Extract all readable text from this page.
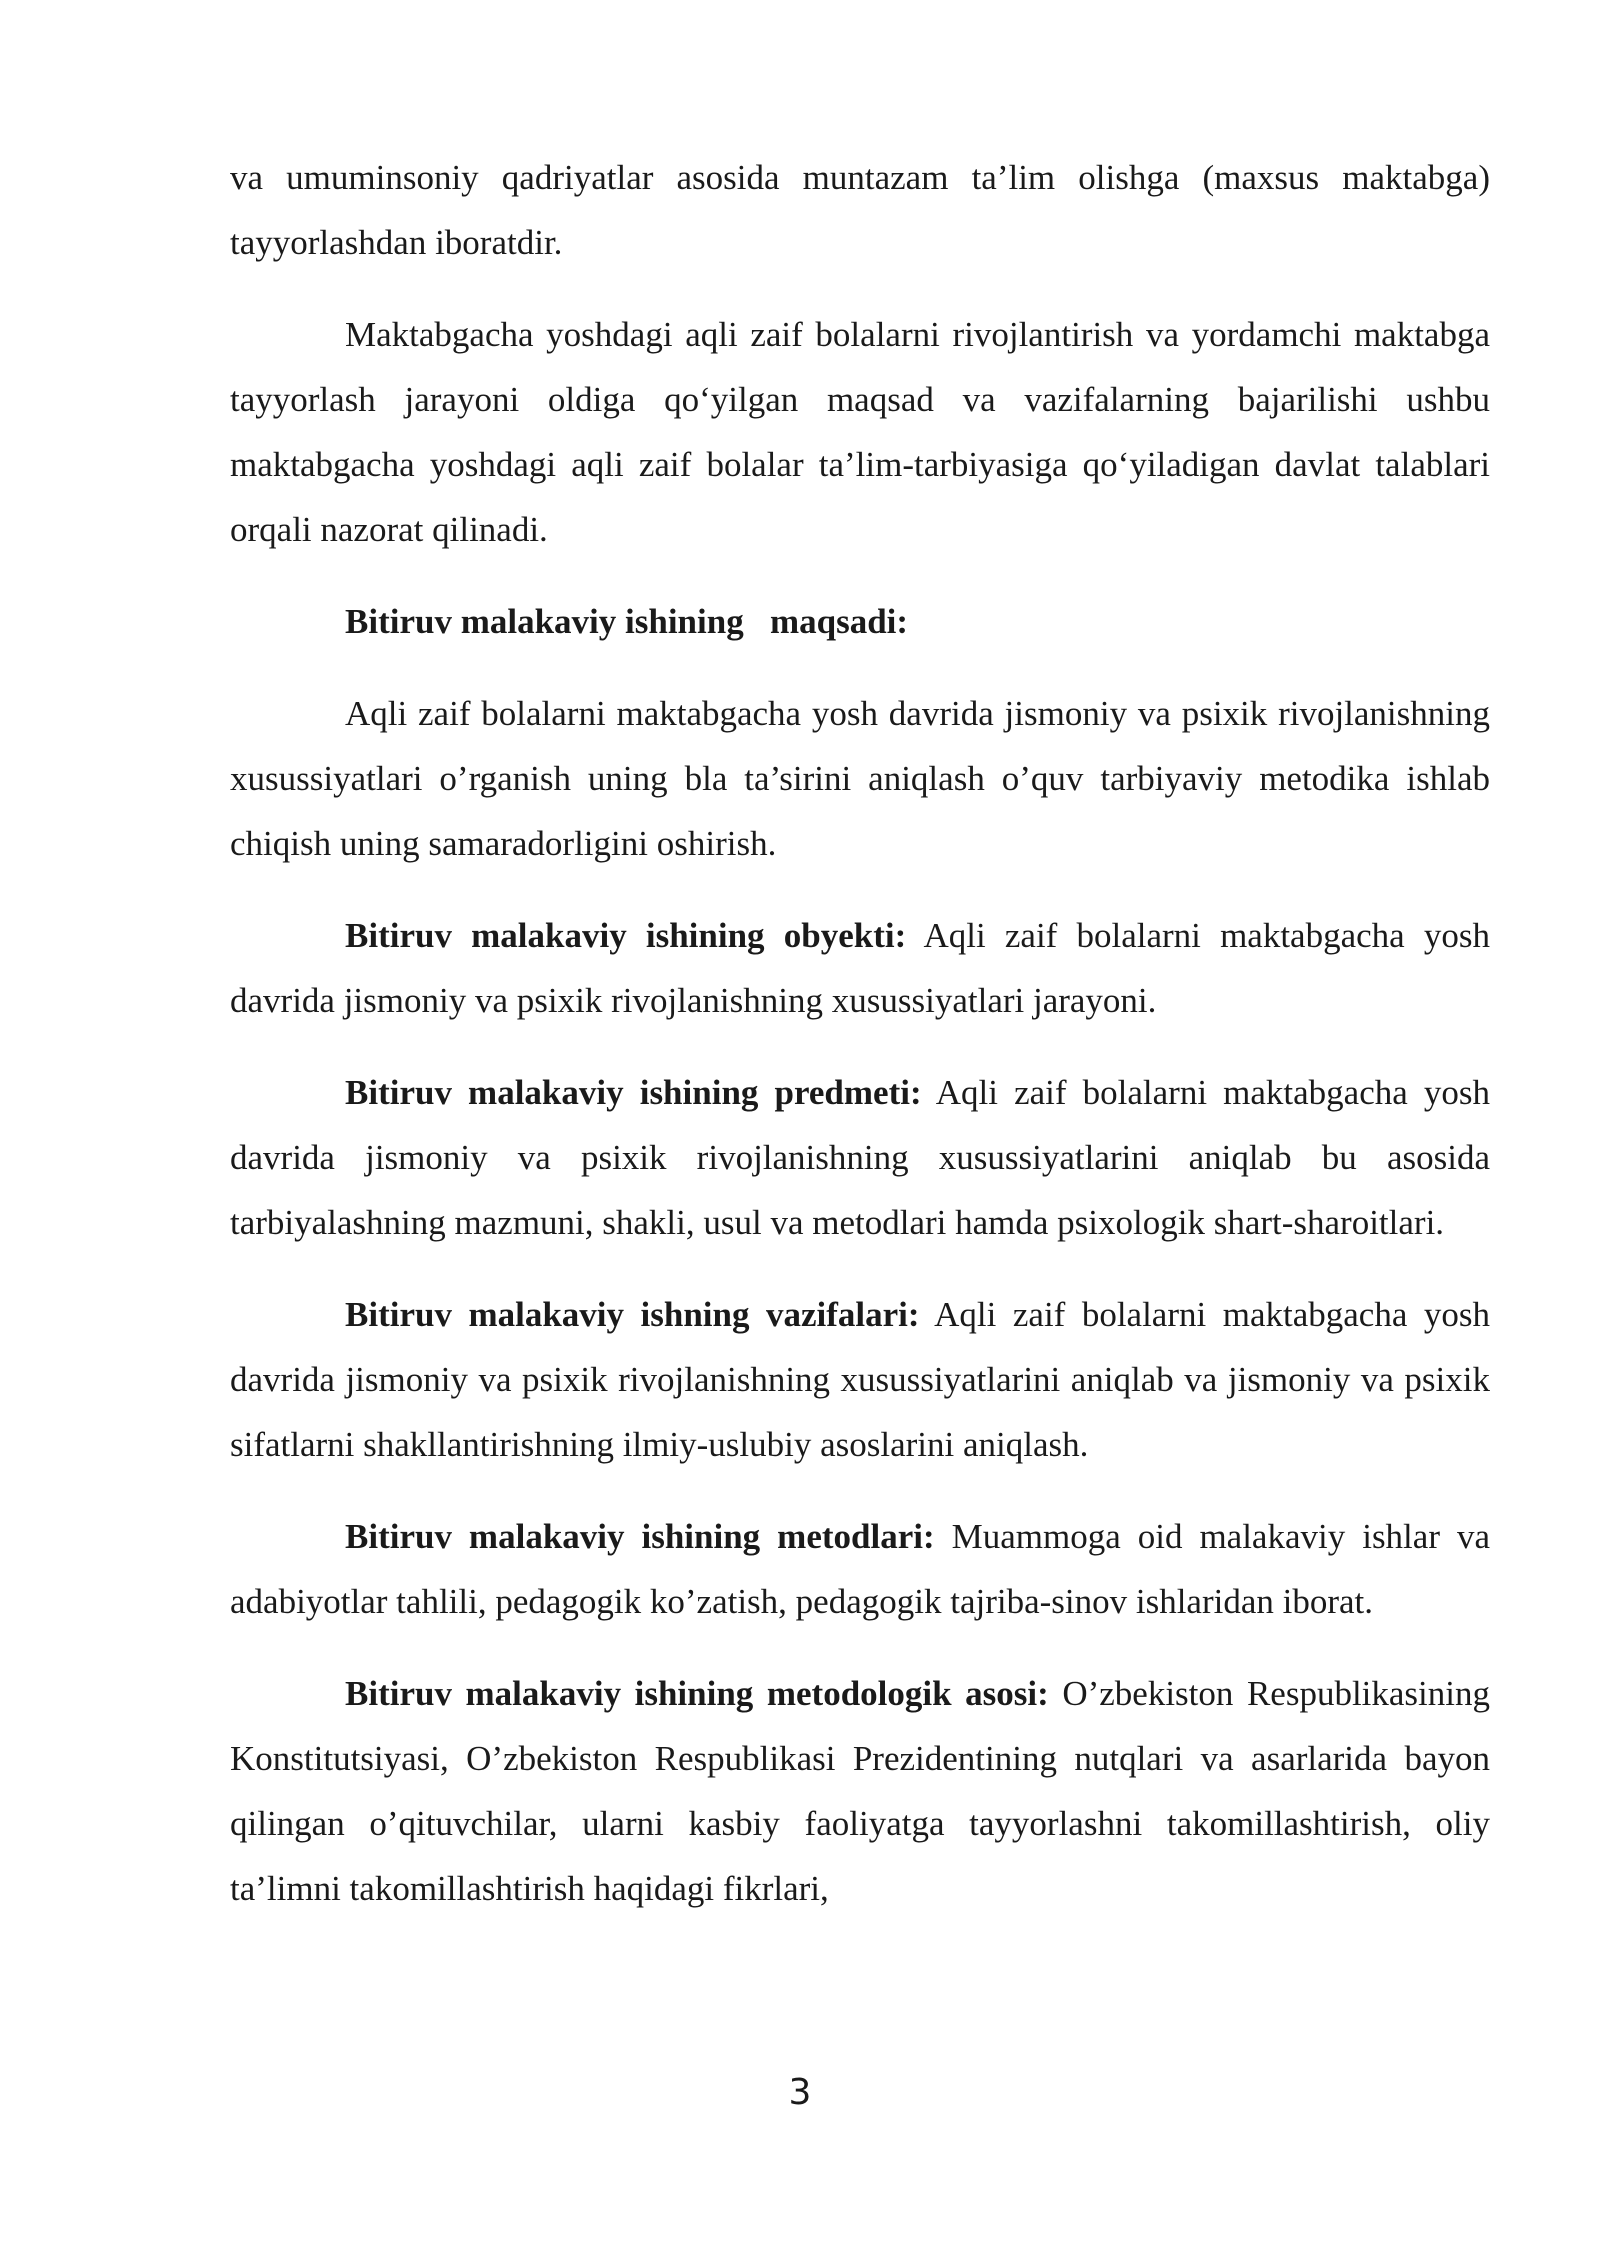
va umuminsoniy qadriyatlar asosida muntazam ta’lim olishga (maxsus maktabga) tayyorlashdan iboratdir.

Maktabgacha yoshdagi aqli zaif bolalarni rivojlantirish va yordamchi maktabga tayyorlash jarayoni oldiga qo‘yilgan maqsad va vazifalarning bajarilishi ushbu maktabgacha yoshdagi aqli zaif bolalar ta’lim-tarbiyasiga qo‘yiladigan davlat talablari orqali nazorat qilinadi.

Bitiruv malakaviy ishining   maqsadi:

Aqli zaif bolalarni maktabgacha yosh davrida jismoniy va psixik rivojlanishning xusussiyatlari o’rganish uning bla ta’sirini aniqlash o’quv tarbiyaviy metodika ishlab chiqish uning samaradorligini oshirish.

Bitiruv malakaviy ishining obyekti: Aqli zaif bolalarni maktabgacha yosh davrida jismoniy va psixik rivojlanishning xusussiyatlari jarayoni.

Bitiruv malakaviy ishining predmeti: Aqli zaif bolalarni maktabgacha yosh davrida jismoniy va psixik rivojlanishning xusussiyatlarini aniqlab bu asosida tarbiyalashning mazmuni, shakli, usul va metodlari hamda psixologik shart-sharoitlari.

Bitiruv malakaviy ishning vazifalari: Aqli zaif bolalarni maktabgacha yosh davrida jismoniy va psixik rivojlanishning xusussiyatlarini aniqlab va jismoniy va psixik sifatlarni shakllantirishning ilmiy-uslubiy asoslarini aniqlash.

Bitiruv malakaviy ishining metodlari: Muammoga oid malakaviy ishlar va adabiyotlar tahlili, pedagogik ko’zatish, pedagogik tajriba-sinov ishlaridan iborat.

Bitiruv malakaviy ishining metodologik asosi: O’zbekiston Respublikasining Konstitutsiyasi, O’zbekiston Respublikasi Prezidentining nutqlari va asarlarida bayon qilingan o’qituvchilar, ularni kasbiy faoliyatga tayyorlashni takomillashtirish, oliy ta’limni takomillashtirish haqidagi fikrlari,

3
